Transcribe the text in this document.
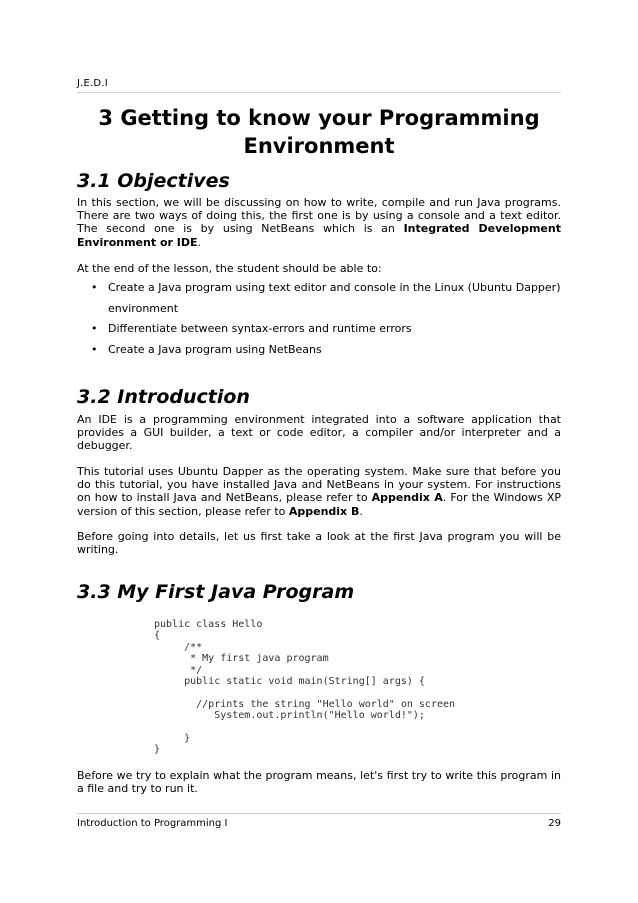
J.E.D.I
3 Getting to know your Programming
Environment
3.1 Objectives

In this section, we will be discussing on how to write, compile and run Java programs. There are two ways of doing this, the first one is by using a console and a text editor. The second one is by using NetBeans which is an Integrated Development Environment or IDE.

At the end of the lesson, the student should be able to:

• Create a Java program using text editor and console in the Linux (Ubuntu Dapper) environment
• Differentiate between syntax-errors and runtime errors
• Create a Java program using NetBeans
3.2 Introduction

An IDE is a programming environment integrated into a software application that provides a GUI builder, a text or code editor, a compiler and/or interpreter and a debugger.

This tutorial uses Ubuntu Dapper as the operating system. Make sure that before you do this tutorial, you have installed Java and NetBeans in your system. For instructions on how to install Java and NetBeans, please refer to Appendix A. For the Windows XP version of this section, please refer to Appendix B.

Before going into details, let us first take a look at the first Java program you will be writing.

3.3 My First Java Program
public class Hello
{
/**
* My first java program
*/
public static void main(String[] args) {

//prints the string "Hello world" on screen
System.out.println("Hello world!");

}
}

Before we try to explain what the program means, let's first try to write this program in a file and try to run it.

Introduction to Programming I	29
